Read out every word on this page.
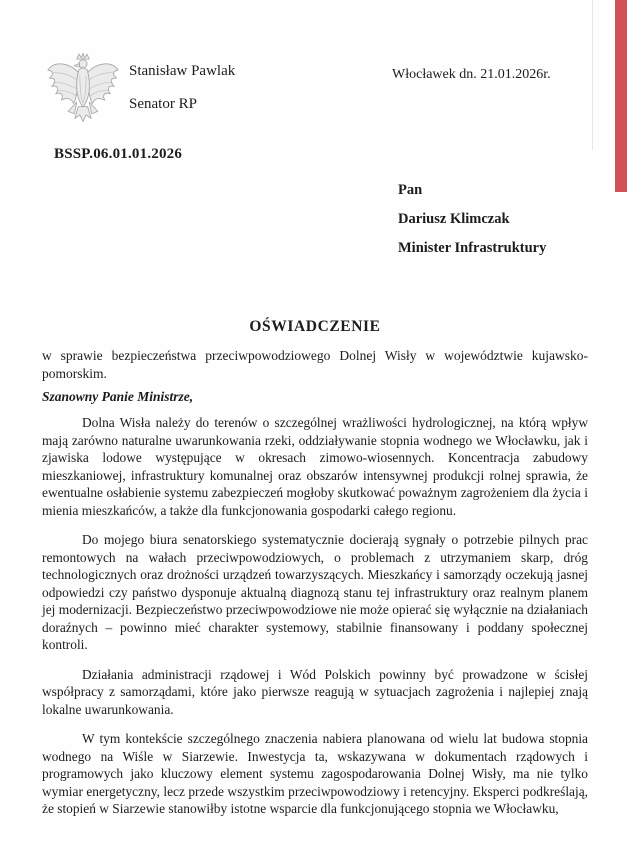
Stanisław Pawlak
Senator RP
Włocławek dn. 21.01.2026r.
BSSP.06.01.01.2026
Pan
Dariusz Klimczak
Minister Infrastruktury
OŚWIADCZENIE
w sprawie bezpieczeństwa przeciwpowodziowego Dolnej Wisły w województwie kujawsko-pomorskim.
Szanowny Panie Ministrze,

Dolna Wisła należy do terenów o szczególnej wrażliwości hydrologicznej, na którą wpływ mają zarówno naturalne uwarunkowania rzeki, oddziaływanie stopnia wodnego we Włocławku, jak i zjawiska lodowe występujące w okresach zimowo-wiosennych. Koncentracja zabudowy mieszkaniowej, infrastruktury komunalnej oraz obszarów intensywnej produkcji rolnej sprawia, że ewentualne osłabienie systemu zabezpieczeń mogłoby skutkować poważnym zagrożeniem dla życia i mienia mieszkańców, a także dla funkcjonowania gospodarki całego regionu.

Do mojego biura senatorskiego systematycznie docierają sygnały o potrzebie pilnych prac remontowych na wałach przeciwpowodziowych, o problemach z utrzymaniem skarp, dróg technologicznych oraz drożności urządzeń towarzyszących. Mieszkańcy i samorządy oczekują jasnej odpowiedzi czy państwo dysponuje aktualną diagnozą stanu tej infrastruktury oraz realnym planem jej modernizacji. Bezpieczeństwo przeciwpowodziowe nie może opierać się wyłącznie na działaniach doraźnych – powinno mieć charakter systemowy, stabilnie finansowany i poddany społecznej kontroli.

Działania administracji rządowej i Wód Polskich powinny być prowadzone w ścisłej współpracy z samorządami, które jako pierwsze reagują w sytuacjach zagrożenia i najlepiej znają lokalne uwarunkowania.

W tym kontekście szczególnego znaczenia nabiera planowana od wielu lat budowa stopnia wodnego na Wiśle w Siarzewie. Inwestycja ta, wskazywana w dokumentach rządowych i programowych jako kluczowy element systemu zagospodarowania Dolnej Wisły, ma nie tylko wymiar energetyczny, lecz przede wszystkim przeciwpowodziowy i retencyjny. Eksperci podkreślają, że stopień w Siarzewie stanowiłby istotne wsparcie dla funkcjonującego stopnia we Włocławku,
